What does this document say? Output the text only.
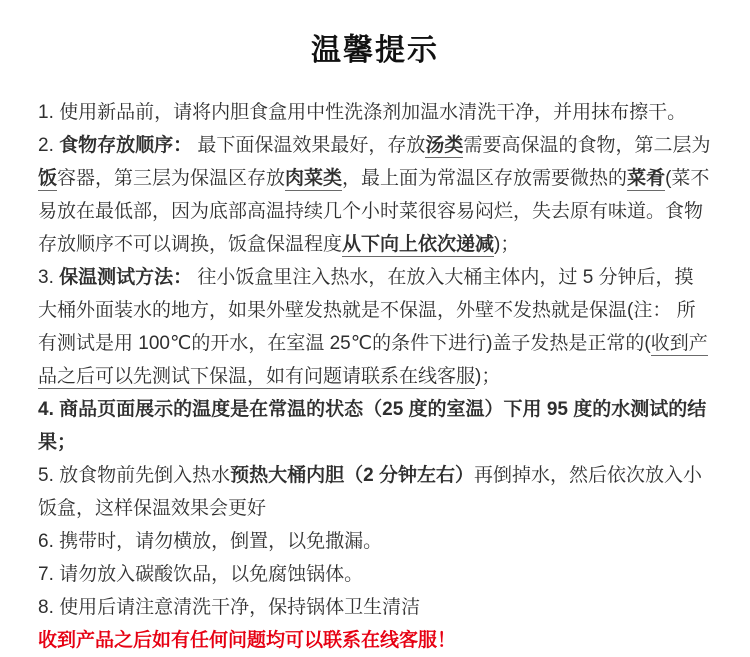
温馨提示

1. 使用新品前，请将内胆食盒用中性洗涤剂加温水清洗干净，并用抹布擦干。

2. 食物存放顺序： 最下面保温效果最好，存放汤类需要高保温的食物，第二层为饭容器，第三层为保温区存放肉菜类，最上面为常温区存放需要微热的菜肴(菜不易放在最低部，因为底部高温持续几个小时菜很容易闷烂，失去原有味道。食物存放顺序不可以调换，饭盒保温程度从下向上依次递减)；

3. 保温测试方法： 往小饭盒里注入热水，在放入大桶主体内，过 5 分钟后，摸大桶外面装水的地方，如果外壁发热就是不保温，外壁不发热就是保温(注： 所有测试是用 100℃的开水，在室温 25℃的条件下进行)盖子发热是正常的(收到产品之后可以先测试下保温，如有问题请联系在线客服)；

4. 商品页面展示的温度是在常温的状态（25 度的室温）下用 95 度的水测试的结果；

5. 放食物前先倒入热水预热大桶内胆（2 分钟左右）再倒掉水，然后依次放入小饭盒，这样保温效果会更好

6. 携带时，请勿横放，倒置，以免撒漏。

7. 请勿放入碳酸饮品，以免腐蚀锅体。

8. 使用后请注意清洗干净，保持锅体卫生清洁

收到产品之后如有任何问题均可以联系在线客服！
